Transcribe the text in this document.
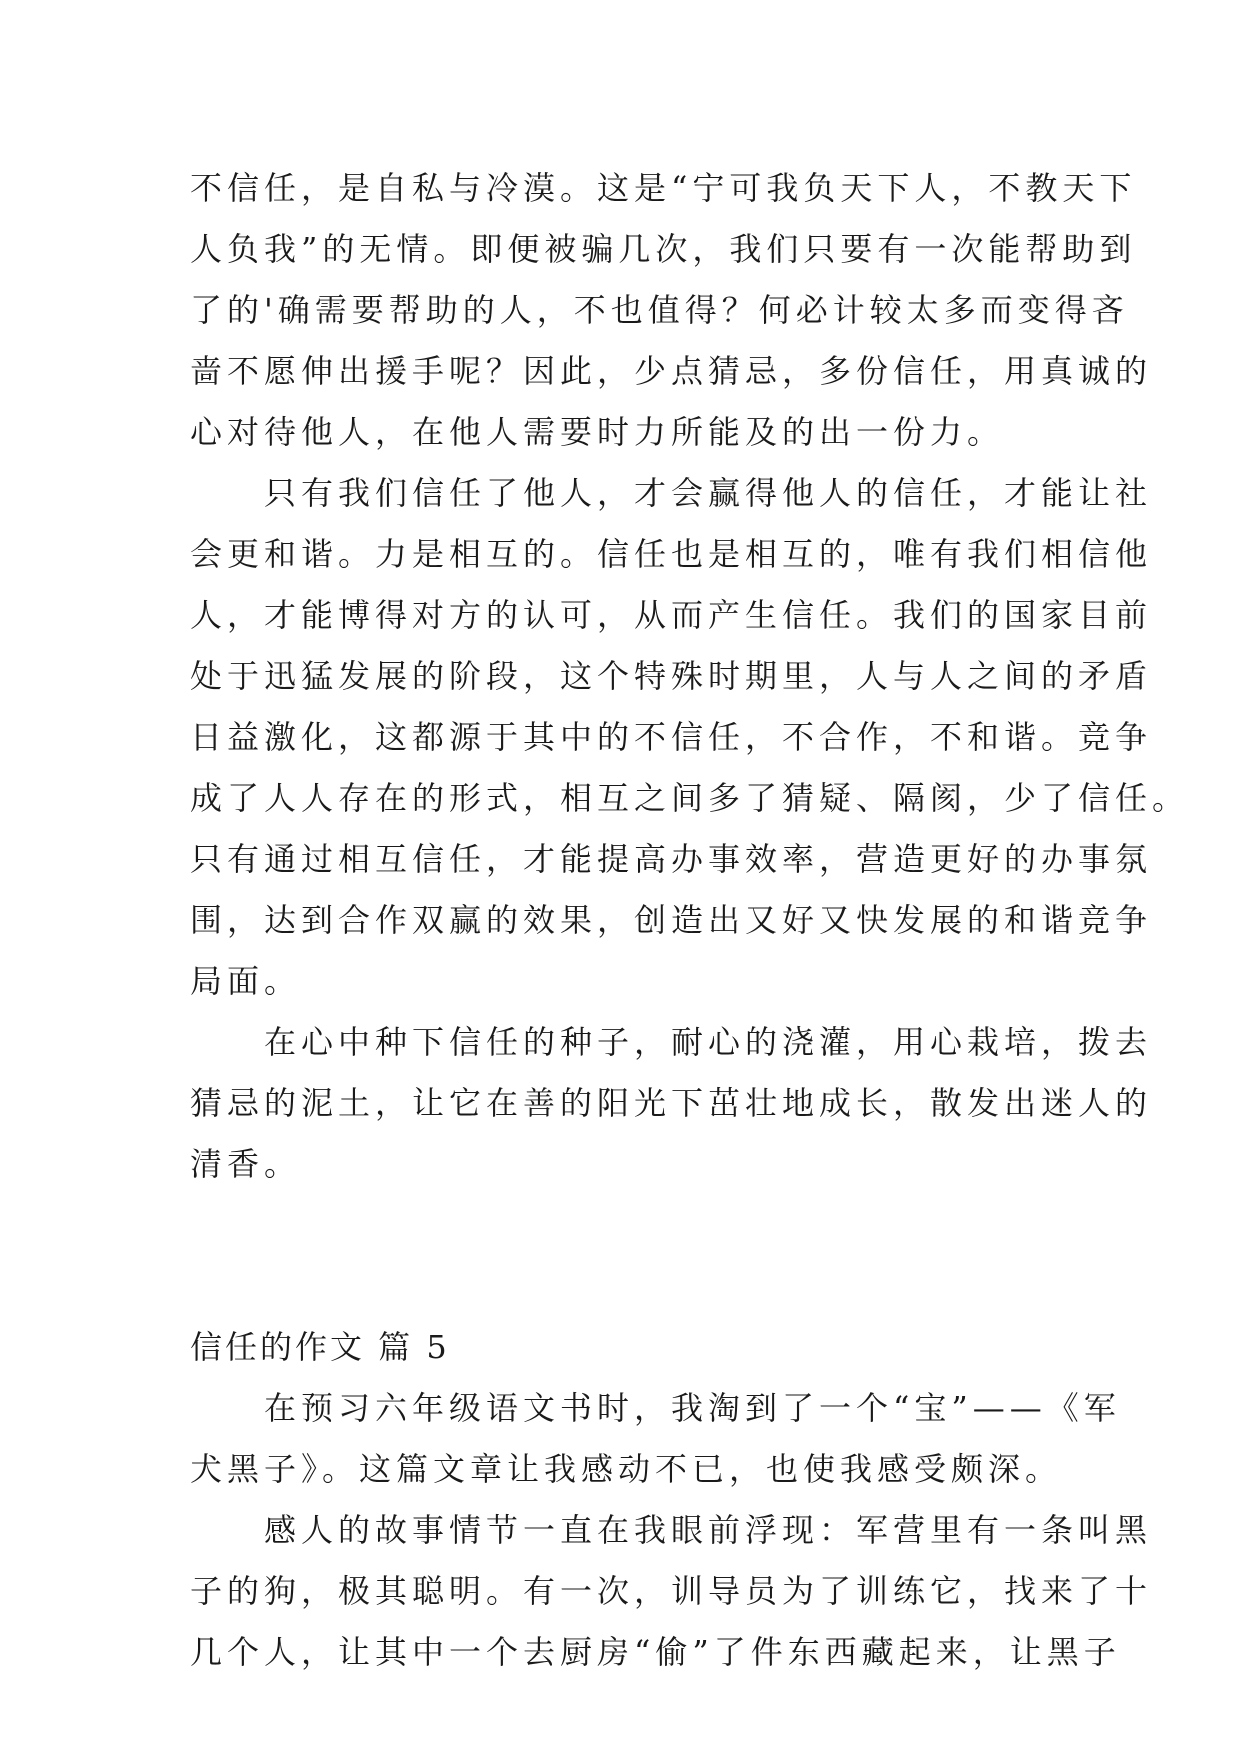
不信任，是自私与冷漠。这是“宁可我负天下人，不教天下
人负我”的无情。即便被骗几次，我们只要有一次能帮助到
了的'确需要帮助的人，不也值得？何必计较太多而变得吝
啬不愿伸出援手呢？因此，少点猜忌，多份信任，用真诚的
心对待他人，在他人需要时力所能及的出一份力。
　　只有我们信任了他人，才会赢得他人的信任，才能让社
会更和谐。力是相互的。信任也是相互的，唯有我们相信他
人，才能博得对方的认可，从而产生信任。我们的国家目前
处于迅猛发展的阶段，这个特殊时期里，人与人之间的矛盾
日益激化，这都源于其中的不信任，不合作，不和谐。竞争
成了人人存在的形式，相互之间多了猜疑、隔阂，少了信任。
只有通过相互信任，才能提高办事效率，营造更好的办事氛
围，达到合作双赢的效果，创造出又好又快发展的和谐竞争
局面。
　　在心中种下信任的种子，耐心的浇灌，用心栽培，拨去
猜忌的泥土，让它在善的阳光下茁壮地成长，散发出迷人的
清香。
信任的作文 篇 5
　　在预习六年级语文书时，我淘到了一个“宝”——《军
犬黑子》。这篇文章让我感动不已，也使我感受颇深。
　　感人的故事情节一直在我眼前浮现：军营里有一条叫黑
子的狗，极其聪明。有一次，训导员为了训练它，找来了十
几个人，让其中一个去厨房“偷”了件东西藏起来，让黑子
